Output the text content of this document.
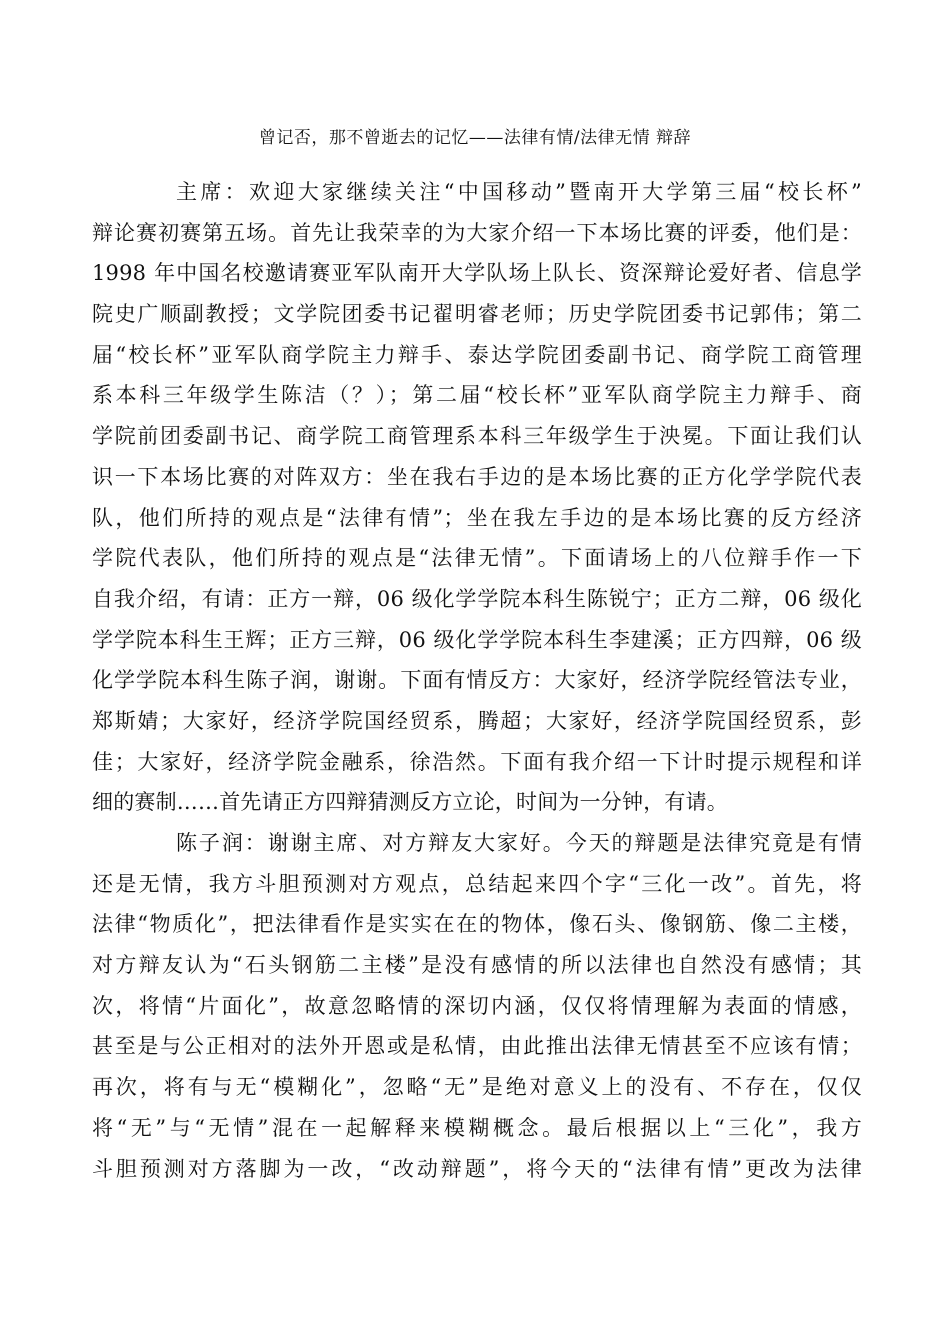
曾记否，那不曾逝去的记忆——法律有情/法律无情 辩辞
主席：欢迎大家继续关注“中国移动”暨南开大学第三届“校长杯”
辩论赛初赛第五场。首先让我荣幸的为大家介绍一下本场比赛的评委，他们是：
1998 年中国名校邀请赛亚军队南开大学队场上队长、资深辩论爱好者、信息学
院史广顺副教授；文学院团委书记翟明睿老师；历史学院团委书记郭伟；第二
届“校长杯”亚军队商学院主力辩手、泰达学院团委副书记、商学院工商管理
系本科三年级学生陈洁（？）；第二届“校长杯”亚军队商学院主力辩手、商
学院前团委副书记、商学院工商管理系本科三年级学生于泱冕。下面让我们认
识一下本场比赛的对阵双方：坐在我右手边的是本场比赛的正方化学学院代表
队，他们所持的观点是“法律有情”；坐在我左手边的是本场比赛的反方经济
学院代表队，他们所持的观点是“法律无情”。下面请场上的八位辩手作一下
自我介绍，有请：正方一辩，06 级化学学院本科生陈锐宁；正方二辩，06 级化
学学院本科生王辉；正方三辩，06 级化学学院本科生李建溪；正方四辩，06 级
化学学院本科生陈子润，谢谢。下面有情反方：大家好，经济学院经管法专业，
郑斯婧；大家好，经济学院国经贸系，腾超；大家好，经济学院国经贸系，彭
佳；大家好，经济学院金融系，徐浩然。下面有我介绍一下计时提示规程和详
细的赛制……首先请正方四辩猜测反方立论，时间为一分钟，有请。
陈子润：谢谢主席、对方辩友大家好。今天的辩题是法律究竟是有情
还是无情，我方斗胆预测对方观点，总结起来四个字“三化一改”。首先，将
法律“物质化”，把法律看作是实实在在的物体，像石头、像钢筋、像二主楼，
对方辩友认为“石头钢筋二主楼”是没有感情的所以法律也自然没有感情；其
次，将情“片面化”，故意忽略情的深切内涵，仅仅将情理解为表面的情感，
甚至是与公正相对的法外开恩或是私情，由此推出法律无情甚至不应该有情；
再次，将有与无“模糊化”，忽略“无”是绝对意义上的没有、不存在，仅仅
将“无”与“无情”混在一起解释来模糊概念。最后根据以上“三化”，我方
斗胆预测对方落脚为一改，“改动辩题”，将今天的“法律有情”更改为法律
